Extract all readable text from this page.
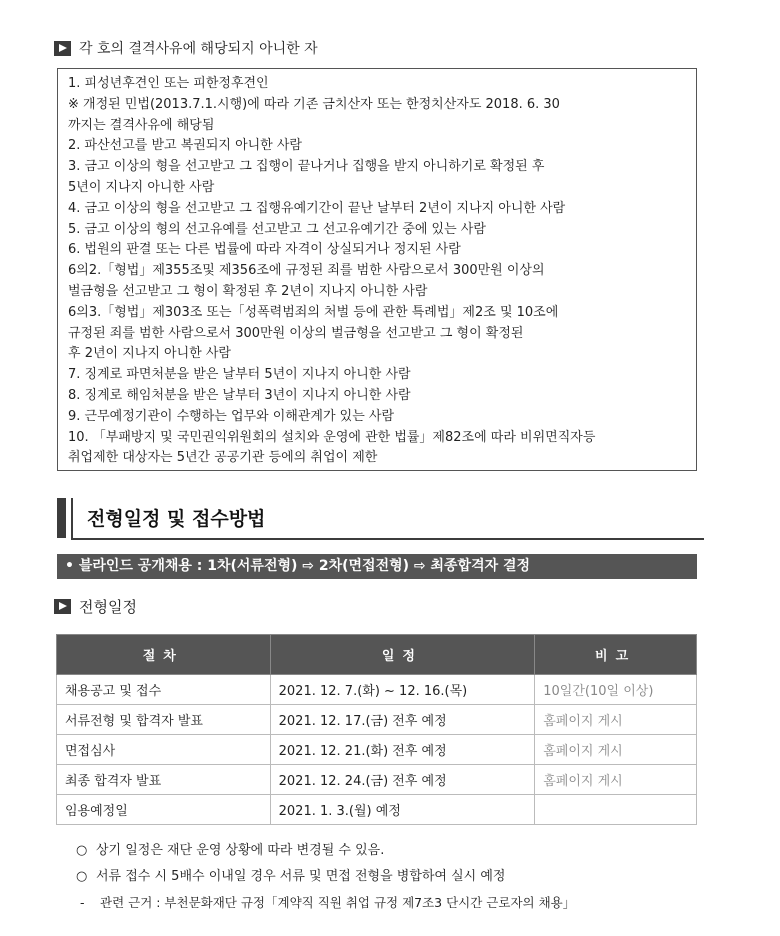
각 호의 결격사유에 해당되지 아니한 자
1. 피성년후견인 또는 피한정후견인
※ 개정된 민법(2013.7.1.시행)에 따라 기존 금치산자 또는 한정치산자도 2018. 6. 30
까지는 결격사유에 해당됨
2. 파산선고를 받고 복권되지 아니한 사람
3. 금고 이상의 형을 선고받고 그 집행이 끝나거나 집행을 받지 아니하기로 확정된 후
5년이 지나지 아니한 사람
4. 금고 이상의 형을 선고받고 그 집행유예기간이 끝난 날부터 2년이 지나지 아니한 사람
5. 금고 이상의 형의 선고유예를 선고받고 그 선고유예기간 중에 있는 사람
6. 법원의 판결 또는 다른 법률에 따라 자격이 상실되거나 정지된 사람
6의2.「형법」제355조및 제356조에 규정된 죄를 범한 사람으로서 300만원 이상의
벌금형을 선고받고 그 형이 확정된 후 2년이 지나지 아니한 사람
6의3.「형법」제303조 또는「성폭력범죄의 처벌 등에 관한 특례법」제2조 및 10조에
규정된 죄를 범한 사람으로서 300만원 이상의 벌금형을 선고받고 그 형이 확정된
후 2년이 지나지 아니한 사람
7. 징계로 파면처분을 받은 날부터 5년이 지나지 아니한 사람
8. 징계로 해임처분을 받은 날부터 3년이 지나지 아니한 사람
9. 근무예정기관이 수행하는 업무와 이해관계가 있는 사람
10. 「부패방지 및 국민권익위원회의 설치와 운영에 관한 법률」제82조에 따라 비위면직자등
취업제한 대상자는 5년간 공공기관 등에의 취업이 제한
전형일정 및 접수방법
• 블라인드 공개채용 : 1차(서류전형) ⇨ 2차(면접전형) ⇨ 최종합격자 결정
전형일정
절차	일정	비고
채용공고 및 접수	2021. 12. 7.(화) ~ 12. 16.(목)	10일간(10일 이상)
서류전형 및 합격자 발표	2021. 12. 17.(금) 전후 예정	홈페이지 게시
면접심사	2021. 12. 21.(화) 전후 예정	홈페이지 게시
최종 합격자 발표	2021. 12. 24.(금) 전후 예정	홈페이지 게시
임용예정일	2021. 1. 3.(월) 예정	
○ 상기 일정은 재단 운영 상황에 따라 변경될 수 있음.
○ 서류 접수 시 5배수 이내일 경우 서류 및 면접 전형을 병합하여 실시 예정
- 관련 근거 : 부천문화재단 규정「계약직 직원 취업 규정 제7조3 단시간 근로자의 채용」
